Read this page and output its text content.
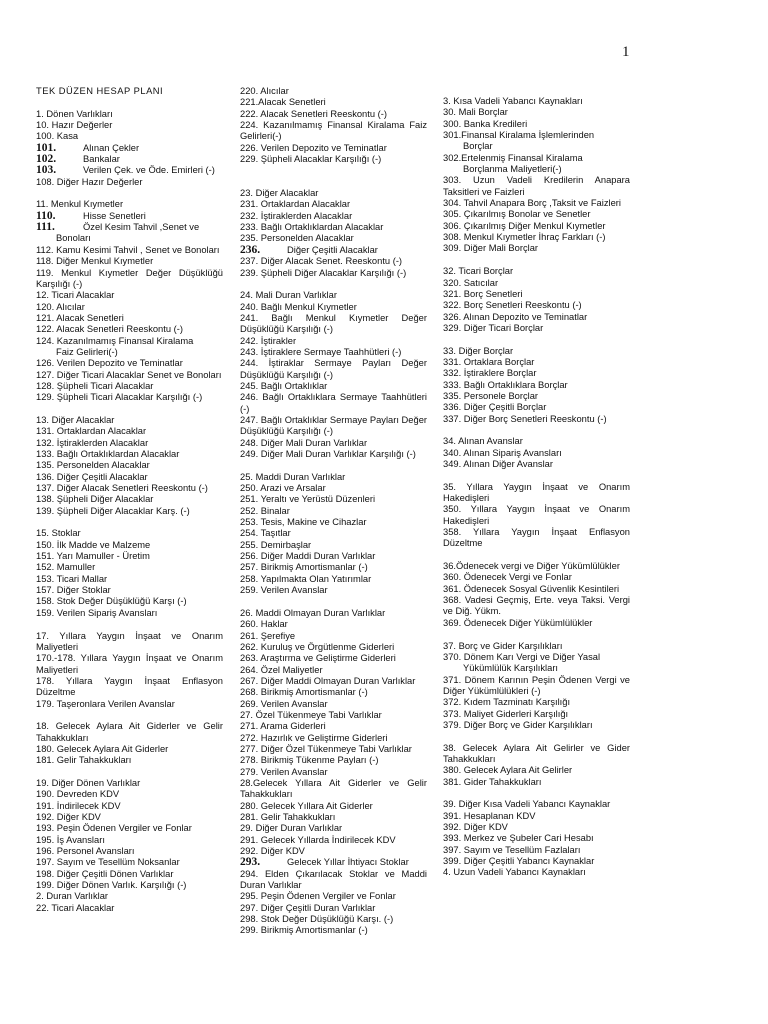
1
TEK DÜZEN HESAP PLANI
1. Dönen Varlıkları
10. Hazır Değerler
100. Kasa
101.	Alınan Çekler
102.	Bankalar
103.	Verilen Çek. ve Öde. Emirleri (-)
108. Diğer Hazır Değerler
11. Menkul Kıymetler
110.	Hisse Senetleri
111.	Özel Kesim Tahvil ,Senet ve
Bonoları
112. Kamu Kesimi Tahvil , Senet ve Bonoları
118. Diğer Menkul Kıymetler
119. Menkul Kıymetler Değer Düşüklüğü Karşılığı (-)
12. Ticari Alacaklar
120. Alıcılar
121. Alacak Senetleri
122. Alacak Senetleri Reeskontu (-)
124. Kazanılmamış Finansal Kiralama
Faiz Gelirleri(-)
126. Verilen Depozito ve Teminatlar
127. Diğer Ticari Alacaklar Senet ve Bonoları
128. Şüpheli Ticari Alacaklar
129. Şüpheli Ticari Alacaklar Karşılığı (-)
13. Diğer Alacaklar
131. Ortaklardan Alacaklar
132. İştiraklerden Alacaklar
133. Bağlı Ortaklıklardan Alacaklar
135. Personelden Alacaklar
136. Diğer Çeşitli Alacaklar
137. Diğer Alacak Senetleri Reeskontu (-)
138. Şüpheli Diğer Alacaklar
139. Şüpheli Diğer Alacaklar Karş. (-)
15. Stoklar
150. İlk Madde ve Malzeme
151. Yarı Mamuller - Üretim
152. Mamuller
153. Ticari Mallar
157. Diğer Stoklar
158. Stok Değer Düşüklüğü Karşı (-)
159. Verilen Sipariş Avansları
17. Yıllara Yaygın İnşaat ve Onarım Maliyetleri
170.-178. Yıllara Yaygın İnşaat ve Onarım Maliyetleri
178. Yıllara Yaygın İnşaat Enflasyon Düzeltme
179. Taşeronlara Verilen Avanslar
18. Gelecek Aylara Ait Giderler ve Gelir Tahakkukları
180. Gelecek Aylara Ait Giderler
181. Gelir Tahakkukları
19. Diğer Dönen Varlıklar
190. Devreden KDV
191. İndirilecek KDV
192. Diğer KDV
193. Peşin Ödenen Vergiler ve Fonlar
195. İş Avansları
196. Personel Avansları
197. Sayım ve Tesellüm Noksanlar
198. Diğer Çeşitli Dönen Varlıklar
199. Diğer Dönen Varlık. Karşılığı (-)
2. Duran Varlıklar
22. Ticari Alacaklar
220. Alıcılar
221.Alacak Senetleri
222. Alacak Senetleri Reeskontu (-)
224. Kazanılmamış Finansal Kiralama Faiz Gelirleri(-)
226. Verilen Depozito ve Teminatlar
229. Şüpheli Alacaklar Karşılığı (-)
23. Diğer Alacaklar
231. Ortaklardan Alacaklar
232. İştiraklerden Alacaklar
233. Bağlı Ortaklıklardan Alacaklar
235. Personelden Alacaklar
236.	Diğer Çeşitli Alacaklar
237. Diğer Alacak Senet. Reeskontu (-)
239. Şüpheli Diğer Alacaklar Karşılığı (-)
24. Mali Duran Varlıklar
240. Bağlı Menkul Kıymetler
241. Bağlı Menkul Kıymetler Değer Düşüklüğü Karşılığı (-)
242. İştirakler
243. İştiraklere Sermaye Taahhütleri (-)
244. İştiraklar Sermaye Payları Değer Düşüklüğü Karşılığı (-)
245. Bağlı Ortaklıklar
246. Bağlı Ortaklıklara Sermaye Taahhütleri (-)
247. Bağlı Ortaklıklar Sermaye Payları Değer Düşüklüğü Karşılığı (-)
248. Diğer Mali Duran Varlıklar
249. Diğer Mali Duran Varlıklar Karşılığı (-)
25. Maddi Duran Varlıklar
250. Arazi ve Arsalar
251. Yeraltı ve Yerüstü Düzenleri
252. Binalar
253. Tesis, Makine ve Cihazlar
254. Taşıtlar
255. Demirbaşlar
256. Diğer Maddi Duran Varlıklar
257. Birikmiş Amortismanlar (-)
258. Yapılmakta Olan Yatırımlar
259. Verilen Avanslar
26. Maddi Olmayan Duran Varlıklar
260. Haklar
261. Şerefiye
262. Kuruluş ve Örgütlenme Giderleri
263. Araştırma ve Geliştirme Giderleri
264. Özel Maliyetler
267. Diğer Maddi Olmayan Duran Varlıklar
268. Birikmiş Amortismanlar (-)
269. Verilen Avanslar
27. Özel Tükenmeye Tabi Varlıklar
271. Arama Giderleri
272. Hazırlık ve Geliştirme Giderleri
277. Diğer Özel Tükenmeye Tabi Varlıklar
278. Birikmiş Tükenme Payları (-)
279. Verilen Avanslar
28.Gelecek Yıllara Ait Giderler ve Gelir Tahakkukları
280. Gelecek Yıllara Ait Giderler
281. Gelir Tahakkukları
29. Diğer Duran Varlıklar
291. Gelecek Yıllarda İndirilecek KDV
292. Diğer KDV
293.	Gelecek Yıllar İhtiyacı Stoklar
294. Elden Çıkarılacak Stoklar ve Maddi Duran Varlıklar
295. Peşin Ödenen Vergiler ve Fonlar
297. Diğer Çeşitli Duran Varlıklar
298. Stok Değer Düşüklüğü Karşı. (-)
299. Birikmiş Amortismanlar (-)
3. Kısa Vadeli Yabancı Kaynakları
30. Mali Borçlar
300. Banka Kredileri
301.Finansal Kiralama İşlemlerinden
Borçlar
302.Ertelenmiş Finansal Kiralama
Borçlanma Maliyetleri(-)
303. Uzun Vadeli Kredilerin Anapara Taksitleri ve Faizleri
304. Tahvil Anapara Borç ,Taksit ve Faizleri
305. Çıkarılmış Bonolar ve Senetler
306. Çıkarılmış Diğer Menkul Kıymetler
308. Menkul Kıymetler İhraç Farkları (-)
309. Diğer Mali Borçlar
32. Ticari Borçlar
320. Satıcılar
321. Borç Senetleri
322. Borç Senetleri Reeskontu (-)
326. Alınan Depozito ve Teminatlar
329. Diğer Ticari Borçlar
33. Diğer Borçlar
331. Ortaklara Borçlar
332. İştiraklere Borçlar
333. Bağlı Ortaklıklara Borçlar
335. Personele Borçlar
336. Diğer Çeşitli Borçlar
337. Diğer Borç Senetleri Reeskontu (-)
34. Alınan Avanslar
340. Alınan Sipariş Avansları
349. Alınan Diğer Avanslar
35. Yıllara Yaygın İnşaat ve Onarım Hakedişleri
350. Yıllara Yaygın İnşaat ve Onarım Hakedişleri
358. Yıllara Yaygın İnşaat Enflasyon Düzeltme
36.Ödenecek vergi ve Diğer Yükümlülükler
360. Ödenecek Vergi ve Fonlar
361. Ödenecek Sosyal Güvenlik Kesintileri
368. Vadesi Geçmiş, Erte. veya Taksi. Vergi ve Diğ. Yükm.
369. Ödenecek Diğer Yükümlülükler
37. Borç ve Gider Karşılıkları
370. Dönem Karı Vergi ve Diğer Yasal
Yükümlülük Karşılıkları
371. Dönem Karının Peşin Ödenen Vergi ve Diğer Yükümlülükleri (-)
372. Kıdem Tazminatı Karşılığı
373. Maliyet Giderleri Karşılığı
379. Diğer Borç ve Gider Karşılıkları
38. Gelecek Aylara Ait Gelirler ve Gider Tahakkukları
380. Gelecek Aylara Ait Gelirler
381. Gider Tahakkukları
39. Diğer Kısa Vadeli Yabancı Kaynaklar
391. Hesaplanan KDV
392. Diğer KDV
393. Merkez ve Şubeler Cari Hesabı
397. Sayım ve Tesellüm Fazlaları
399. Diğer Çeşitli Yabancı Kaynaklar
4. Uzun Vadeli Yabancı Kaynakları
